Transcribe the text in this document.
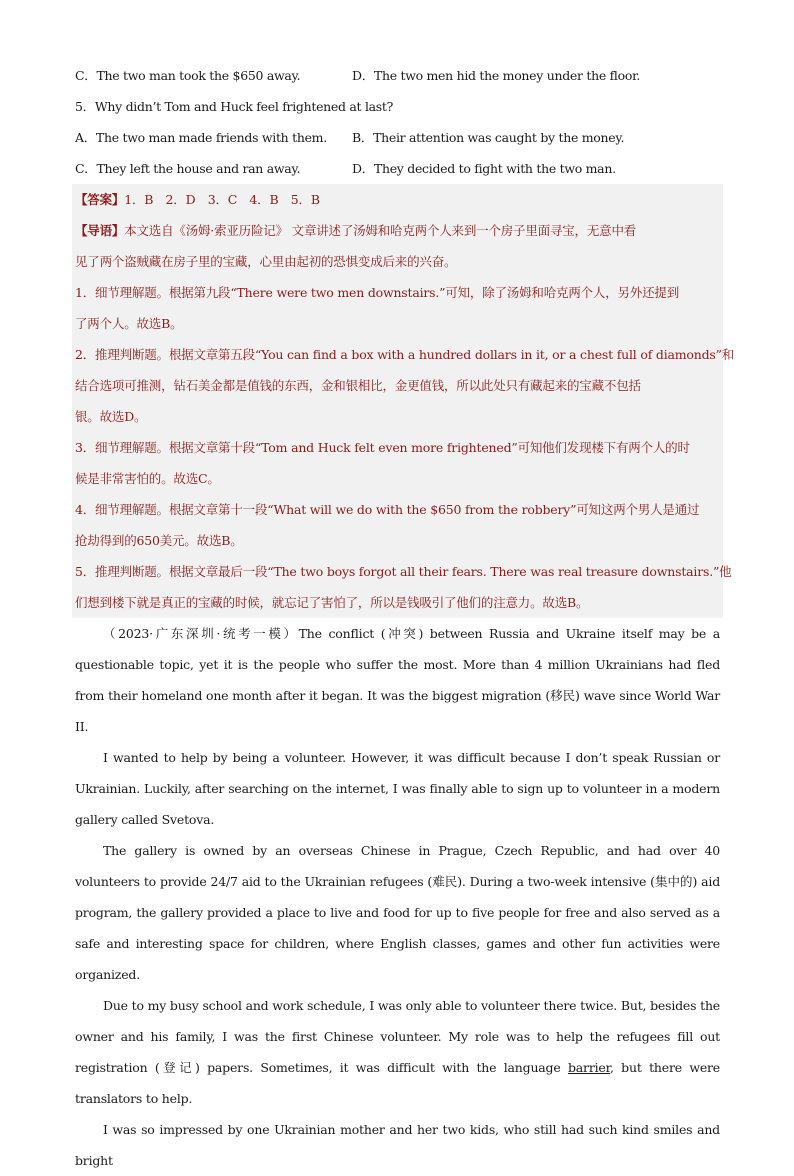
C．The two man took the $650 away.	D．The two men hid the money under the floor.
5．Why didn’t Tom and Huck feel frightened at last?
A．The two man made friends with them.	B．Their attention was caught by the money.
C．They left the house and ran away.	D．They decided to fight with the two man.
【答案】1．B　2．D　3．C　4．B　5．B
【导语】本文选自《汤姆·索亚历险记》 文章讲述了汤姆和哈克两个人来到一个房子里面寻宝，无意中看
见了两个盗贼藏在房子里的宝藏，心里由起初的恐惧变成后来的兴奋。
1．细节理解题。根据第九段“There were two men downstairs.”可知，除了汤姆和哈克两个人，另外还提到
了两个人。故选B。
2．推理判断题。根据文章第五段“You can find a box with a hundred dollars in it, or a chest full of diamonds”和
结合选项可推测，钻石美金都是值钱的东西，金和银相比，金更值钱，所以此处只有藏起来的宝藏不包括
银。故选D。
3．细节理解题。根据文章第十段“Tom and Huck felt even more frightened”可知他们发现楼下有两个人的时
候是非常害怕的。故选C。
4．细节理解题。根据文章第十一段“What will we do with the $650 from the robbery”可知这两个男人是通过
抢劫得到的650美元。故选B。
5．推理判断题。根据文章最后一段“The two boys forgot all their fears. There was real treasure downstairs.”他
们想到楼下就是真正的宝藏的时候，就忘记了害怕了，所以是钱吸引了他们的注意力。故选B。
（2023·广东深圳·统考一模）The conflict (冲突) between Russia and Ukraine itself may be a questionable topic, yet it is the people who suffer the most. More than 4 million Ukrainians had fled from their homeland one month after it began. It was the biggest migration (移民) wave since World War II.
I wanted to help by being a volunteer. However, it was difficult because I don’t speak Russian or Ukrainian. Luckily, after searching on the internet, I was finally able to sign up to volunteer in a modern gallery called Svetova.
The gallery is owned by an overseas Chinese in Prague, Czech Republic, and had over 40 volunteers to provide 24/7 aid to the Ukrainian refugees (难民). During a two-week intensive (集中的) aid program, the gallery provided a place to live and food for up to five people for free and also served as a safe and interesting space for children, where English classes, games and other fun activities were organized.
Due to my busy school and work schedule, I was only able to volunteer there twice. But, besides the owner and his family, I was the first Chinese volunteer. My role was to help the refugees fill out registration (登记) papers. Sometimes, it was difficult with the language barrier, but there were translators to help.
I was so impressed by one Ukrainian mother and her two kids, who still had such kind smiles and bright
